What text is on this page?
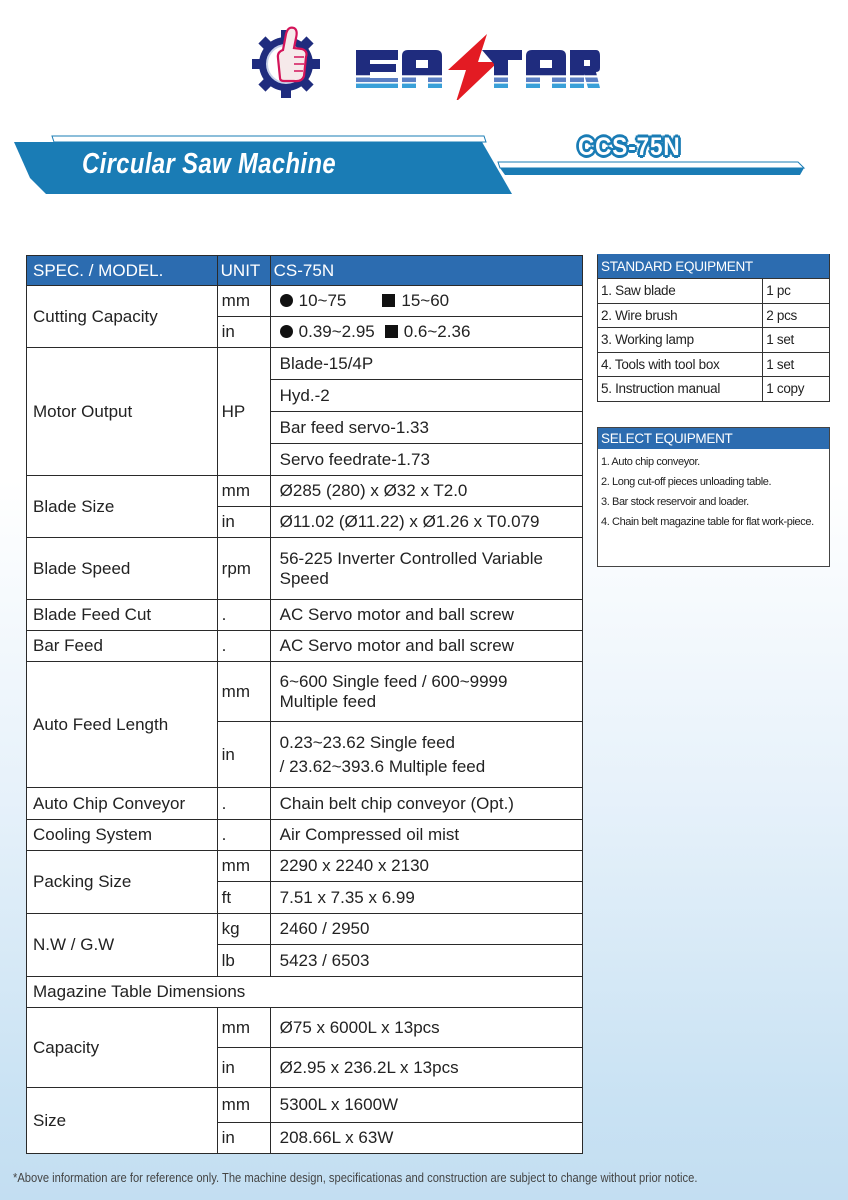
Circular Saw Machine
CCS-75N
SPEC. / MODEL.	UNIT	CS-75N
Cutting Capacity	mm	10~75 15~60
	in	0.39~2.95 0.6~2.36
Motor Output	HP	Blade-15/4P
		Hyd.-2
		Bar feed servo-1.33
		Servo feedrate-1.73
Blade Size	mm	Ø285 (280) x Ø32 x T2.0
	in	Ø11.02 (Ø11.22) x Ø1.26 x T0.079
Blade Speed	rpm	56-225 Inverter Controlled Variable Speed
Blade Feed Cut	.	AC Servo motor and ball screw
Bar Feed	.	AC Servo motor and ball screw
Auto Feed Length	mm	6~600 Single feed / 600~9999
Multiple feed

	in	0.23~23.62 Single feed
/ 23.62~393.6 Multiple feed

Auto Chip Conveyor	.	Chain belt chip conveyor (Opt.)
Cooling System	.	Air Compressed oil mist
Packing Size	mm	2290 x 2240 x 2130
	ft	7.51 x 7.35 x 6.99
N.W / G.W	kg	2460 / 2950
	lb	5423 / 6503
Magazine Table Dimensions		
Capacity	mm	Ø75 x 6000L x 13pcs
	in	Ø2.95 x 236.2L x 13pcs
Size	mm	5300L x 1600W
	in	208.66L x 63W
STANDARD EQUIPMENT	
1. Saw blade	1 pc
2. Wire brush	2 pcs
3. Working lamp	1 set
4. Tools with tool box	1 set
5. Instruction manual	1 copy
SELECT EQUIPMENT
1. Auto chip conveyor.
2. Long cut-off pieces unloading table.
3. Bar stock reservoir and loader.
4. Chain belt magazine table for flat work-piece.
*Above information are for reference only. The machine design, specificationas and construction are subject to change without prior notice.
